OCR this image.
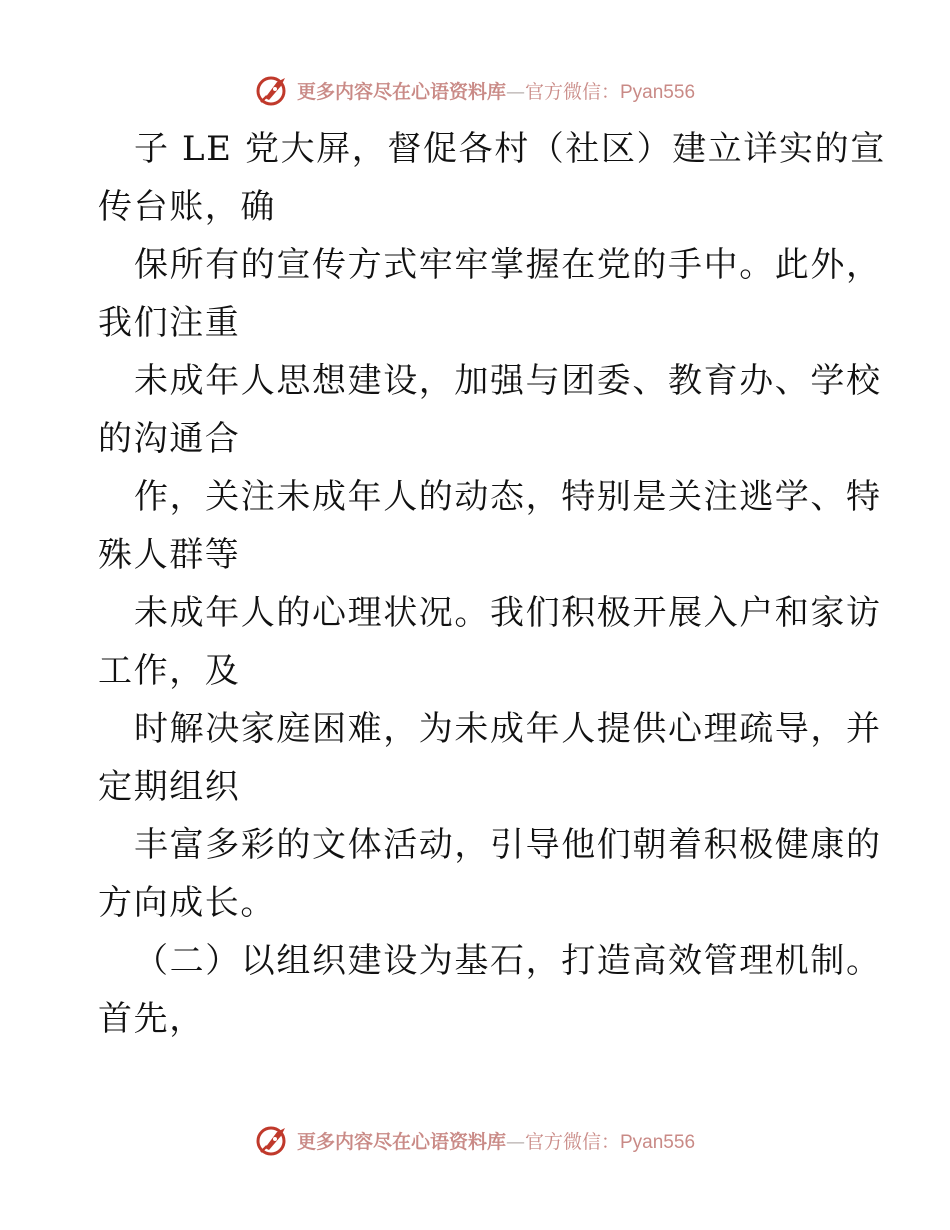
更多内容尽在心语资料库 — 官方微信：Pyan556
子 LE 党大屏，督促各村（社区）建立详实的宣
传台账，确
保所有的宣传方式牢牢掌握在党的手中。此外，
我们注重
未成年人思想建设，加强与团委、教育办、学校
的沟通合
作，关注未成年人的动态，特别是关注逃学、特
殊人群等
未成年人的心理状况。我们积极开展入户和家访
工作，及
时解决家庭困难，为未成年人提供心理疏导，并
定期组织
丰富多彩的文体活动，引导他们朝着积极健康的
方向成长。
（二）以组织建设为基石，打造高效管理机制。
首先，
更多内容尽在心语资料库 — 官方微信：Pyan556
